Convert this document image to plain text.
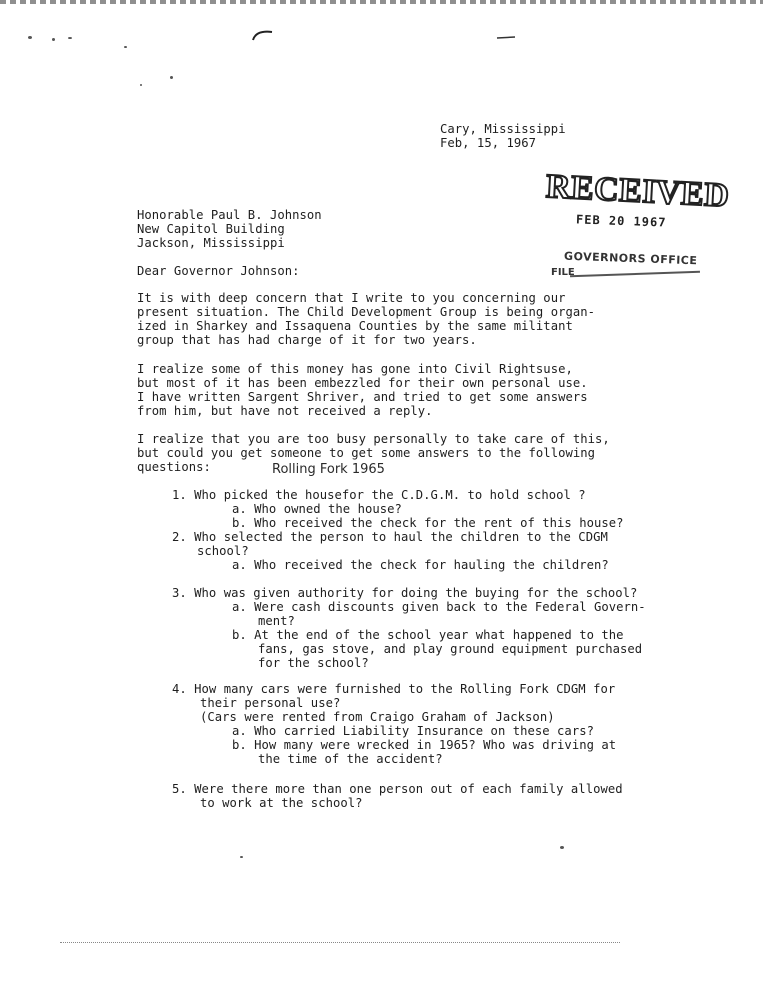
Cary, Mississippi
Feb, 15, 1967
RECEIVED
FEB 20 1967
GOVERNORS OFFICE
FILE
Honorable Paul B. Johnson
New Capitol Building
Jackson, Mississippi
Dear Governor Johnson:
It is with deep concern that I write to you concerning our
present situation. The Child Development Group is being organ-
ized in Sharkey and Issaquena Counties by the same militant
group that has had charge of it for two years.
I realize some of this money has gone into Civil Rightsuse,
but most of it has been embezzled for their own personal use.
I have written Sargent Shriver, and tried to get some answers
from him, but have not received a reply.
I realize that you are too busy personally to take care of this,
but could you get someone to get some answers to the following
questions:	Rolling Fork 1965
1. Who picked the housefor the C.D.G.M. to hold school ?
a. Who owned the house?
b. Who received the check for the rent of this house?
2. Who selected the person to haul the children to the CDGM
school?
a. Who received the check for hauling the children?
3. Who was given authority for doing the buying for the school?
a. Were cash discounts given back to the Federal Govern-
ment?
b. At the end of the school year what happened to the
fans, gas stove, and play ground equipment purchased
for the school?
4. How many cars were furnished to the Rolling Fork CDGM for
their personal use?
(Cars were rented from Craigo Graham of Jackson)
a. Who carried Liability Insurance on these cars?
b. How many were wrecked in 1965? Who was driving at
the time of the accident?
5. Were there more than one person out of each family allowed
to work at the school?
